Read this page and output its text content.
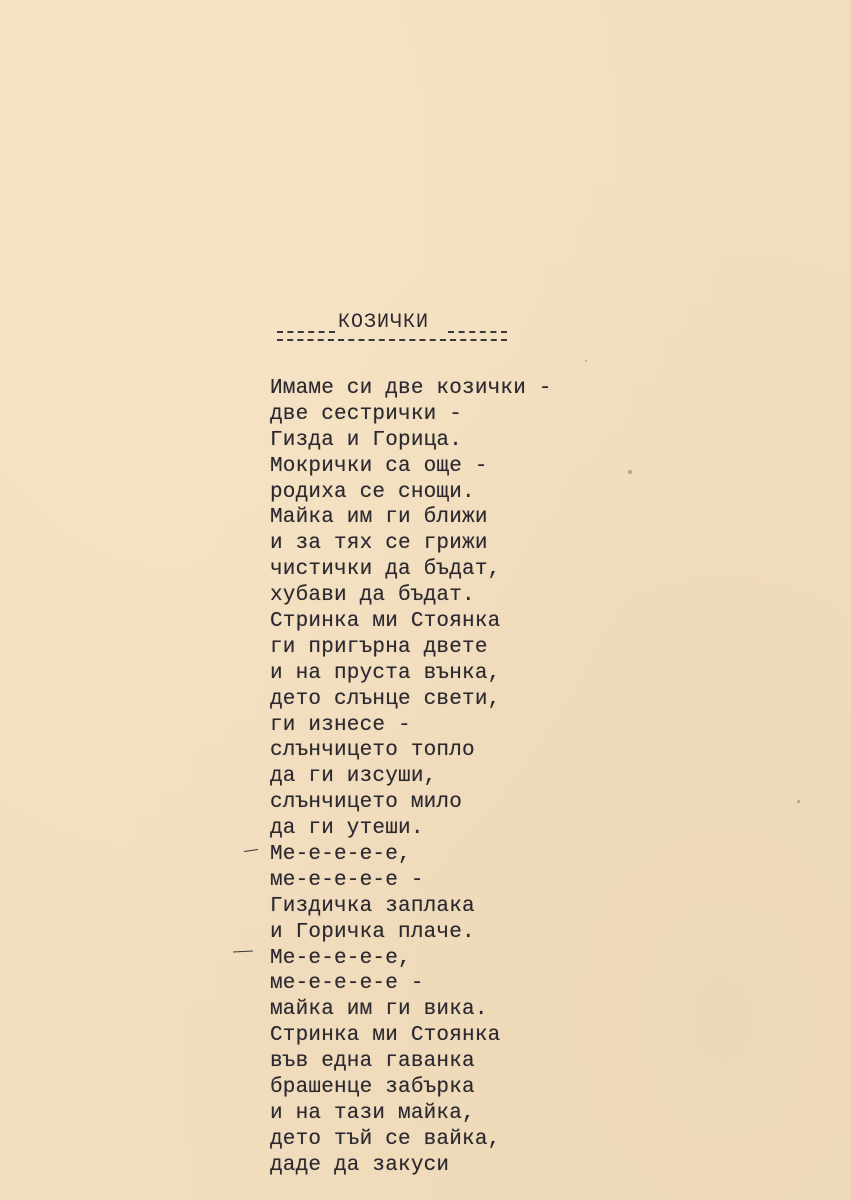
КОЗИЧКИ
Имаме си две козички -
две сестрички -
Гизда и Горица.
Мокрички са още -
родиха се снощи.
Майка им ги ближи
и за тях се грижи
чистички да бъдат,
хубави да бъдат.
Стринка ми Стоянка
ги пригърна двете
и на пруста вънка,
дето слънце свети,
ги изнесе -
слънчицето топло
да ги изсуши,
слънчицето мило
да ги утеши.
Ме-е-е-е-е,
ме-е-е-е-е -
Гиздичка заплака
и Горичка плаче.
Ме-е-е-е-е,
ме-е-е-е-е -
майка им ги вика.
Стринка ми Стоянка
във една гаванка
брашенце забърка
и на тази майка,
дето тъй се вайка,
даде да закуси
